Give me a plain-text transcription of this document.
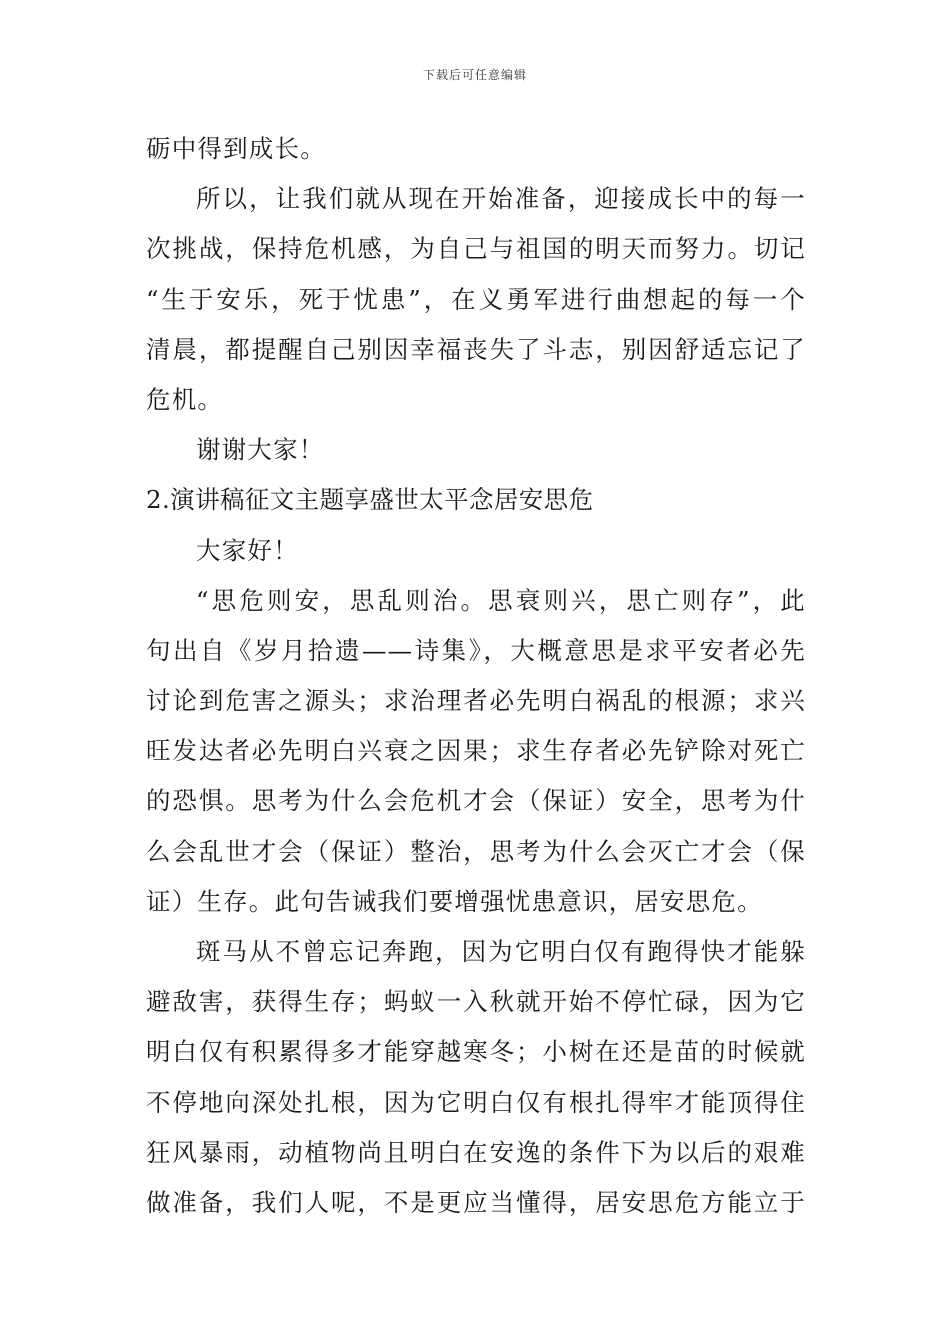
下载后可任意编辑
砺中得到成长。
所以，让我们就从现在开始准备，迎接成长中的每一
次挑战，保持危机感，为自己与祖国的明天而努力。切记
“生于安乐，死于忧患”，在义勇军进行曲想起的每一个
清晨，都提醒自己别因幸福丧失了斗志，别因舒适忘记了
危机。
谢谢大家！
2.演讲稿征文主题享盛世太平念居安思危
大家好！
“思危则安，思乱则治。思衰则兴，思亡则存”，此
句出自《岁月拾遗——诗集》，大概意思是求平安者必先
讨论到危害之源头；求治理者必先明白祸乱的根源；求兴
旺发达者必先明白兴衰之因果；求生存者必先铲除对死亡
的恐惧。思考为什么会危机才会（保证）安全，思考为什
么会乱世才会（保证）整治，思考为什么会灭亡才会（保
证）生存。此句告诫我们要增强忧患意识，居安思危。
斑马从不曾忘记奔跑，因为它明白仅有跑得快才能躲
避敌害，获得生存；蚂蚁一入秋就开始不停忙碌，因为它
明白仅有积累得多才能穿越寒冬；小树在还是苗的时候就
不停地向深处扎根，因为它明白仅有根扎得牢才能顶得住
狂风暴雨，动植物尚且明白在安逸的条件下为以后的艰难
做准备，我们人呢，不是更应当懂得，居安思危方能立于
